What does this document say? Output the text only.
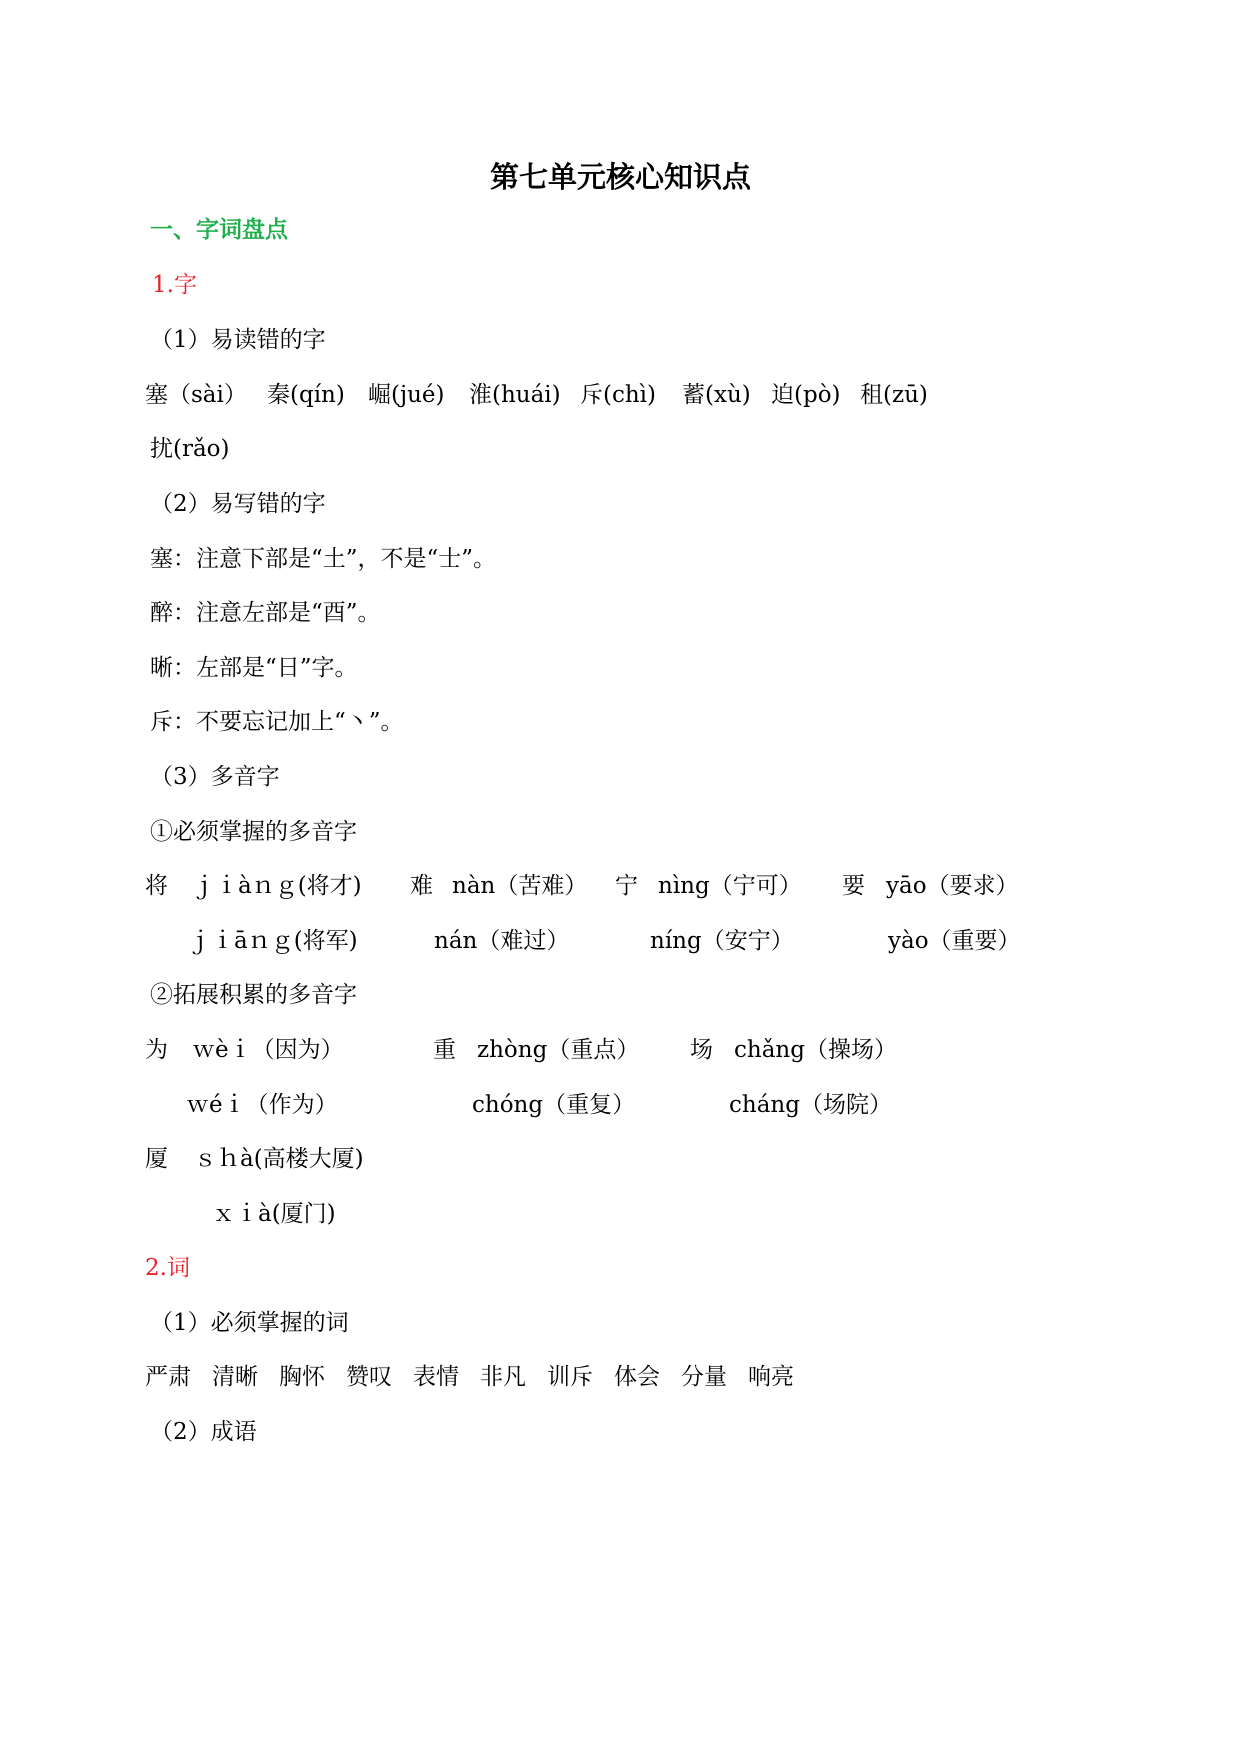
第七单元核心知识点
一、字词盘点
1.字
（1）易读错的字
塞（sài） 秦(qín) 崛(jué) 淮(huái) 斥(chì) 蓄(xù) 迫(pò) 租(zū)
扰(rǎo)
（2）易写错的字
塞：注意下部是“土”，不是“士”。
醉：注意左部是“酉”。
晰：左部是“日”字。
斥：不要忘记加上“丶”。
（3）多音字
①必须掌握的多音字
将 ｊｉàｎｇ(将才) 难 nàn（苦难） 宁 nìng（宁可） 要 yāo（要求）
ｊｉāｎｇ(将军)	nán（难过）	níng（安宁）	yào（重要）
②拓展积累的多音字
为 ｗèｉ（因为）	重 zhòng（重点） 场 chǎng（操场）
ｗéｉ（作为）	chóng（重复）	cháng（场院）
厦 ｓｈà(高楼大厦)
ｘｉà(厦门)
2.词
（1）必须掌握的词
严肃 清晰 胸怀 赞叹 表情 非凡 训斥 体会 分量 响亮
（2）成语
